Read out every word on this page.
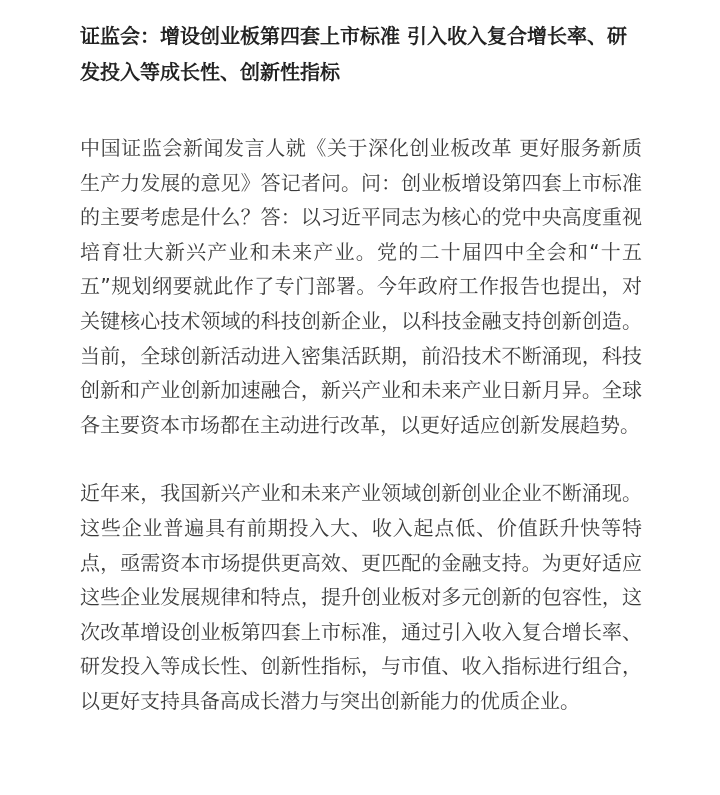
证监会：增设创业板第四套上市标准 引入收入复合增长率、研发投入等成长性、创新性指标

中国证监会新闻发言人就《关于深化创业板改革 更好服务新质生产力发展的意见》答记者问。问：创业板增设第四套上市标准的主要考虑是什么？答：以习近平同志为核心的党中央高度重视培育壮大新兴产业和未来产业。党的二十届四中全会和“十五五”规划纲要就此作了专门部署。今年政府工作报告也提出，对关键核心技术领域的科技创新企业，以科技金融支持创新创造。当前，全球创新活动进入密集活跃期，前沿技术不断涌现，科技创新和产业创新加速融合，新兴产业和未来产业日新月异。全球各主要资本市场都在主动进行改革，以更好适应创新发展趋势。

近年来，我国新兴产业和未来产业领域创新创业企业不断涌现。这些企业普遍具有前期投入大、收入起点低、价值跃升快等特点，亟需资本市场提供更高效、更匹配的金融支持。为更好适应这些企业发展规律和特点，提升创业板对多元创新的包容性，这次改革增设创业板第四套上市标准，通过引入收入复合增长率、研发投入等成长性、创新性指标，与市值、收入指标进行组合，以更好支持具备高成长潜力与突出创新能力的优质企业。
